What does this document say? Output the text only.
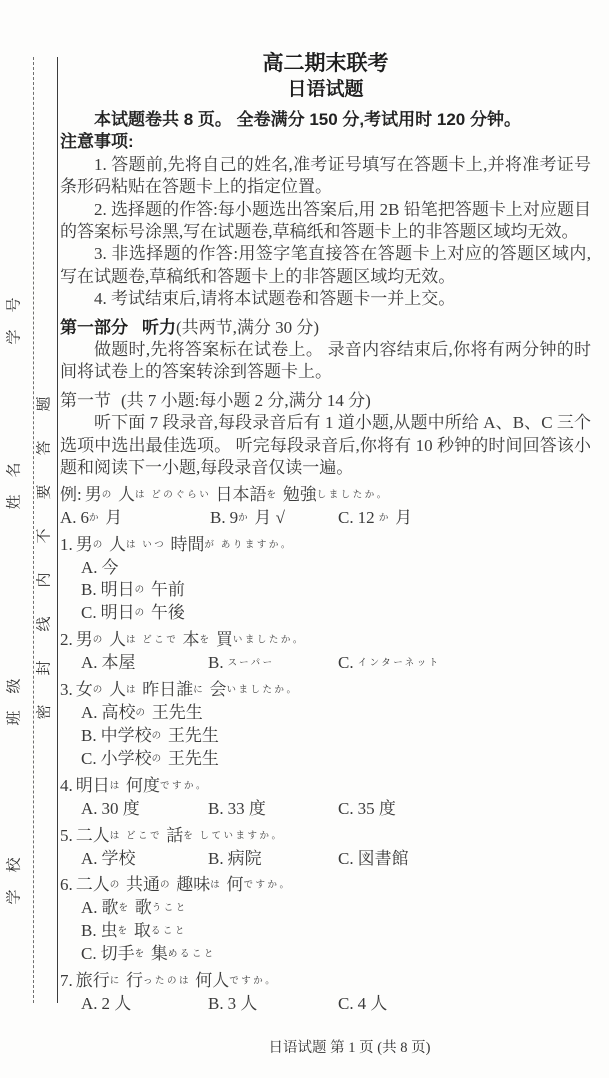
学号
姓名
班级
学校
密封线内不要答题
高二期末联考
日语试题
本试题卷共 8 页。 全卷满分 150 分,考试用时 120 分钟。
注意事项:

1. 答题前,先将自己的姓名,准考证号填写在答题卡上,并将准考证号条形码粘贴在答题卡上的指定位置。

2. 选择题的作答:每小题选出答案后,用 2B 铅笔把答题卡上对应题目的答案标号涂黑,写在试题卷,草稿纸和答题卡上的非答题区域均无效。

3. 非选择题的作答:用签字笔直接答在答题卡上对应的答题区域内,写在试题卷,草稿纸和答题卡上的非答题区域均无效。

4. 考试结束后,请将本试题卷和答题卡一并上交。

第一部分 听力(共两节,满分 30 分)

做题时,先将答案标在试卷上。 录音内容结束后,你将有两分钟的时间将试卷上的答案转涂到答题卡上。

第一节 (共 7 小题:每小题 2 分,满分 14 分)

听下面 7 段录音,每段录音后有 1 道小题,从题中所给 A、B、C 三个选项中选出最佳选项。 听完每段录音后,你将有 10 秒钟的时间回答该小题和阅读下一小题,每段录音仅读一遍。

例: 男の 人は どのぐらい 日本語を 勉強しましたか。
A. 6か 月	B. 9か 月 √	C. 12 か 月
1. 男の 人は いつ 時間が ありますか。
A. 今
B. 明日の 午前
C. 明日の 午後
2. 男の 人は どこで 本を 買いましたか。
A. 本屋	B. スーパー	C. インターネット
3. 女の 人は 昨日誰に 会いましたか。
A. 高校の 王先生
B. 中学校の 王先生
C. 小学校の 王先生
4. 明日は 何度ですか。
A. 30 度	B. 33 度	C. 35 度
5. 二人は どこで 話を していますか。
A. 学校	B. 病院	C. 図書館
6. 二人の 共通の 趣味は 何ですか。
A. 歌を 歌うこと
B. 虫を 取ること
C. 切手を 集めること
7. 旅行に 行ったのは 何人ですか。
A. 2 人	B. 3 人	C. 4 人
日语试题 第 1 页 (共 8 页)
